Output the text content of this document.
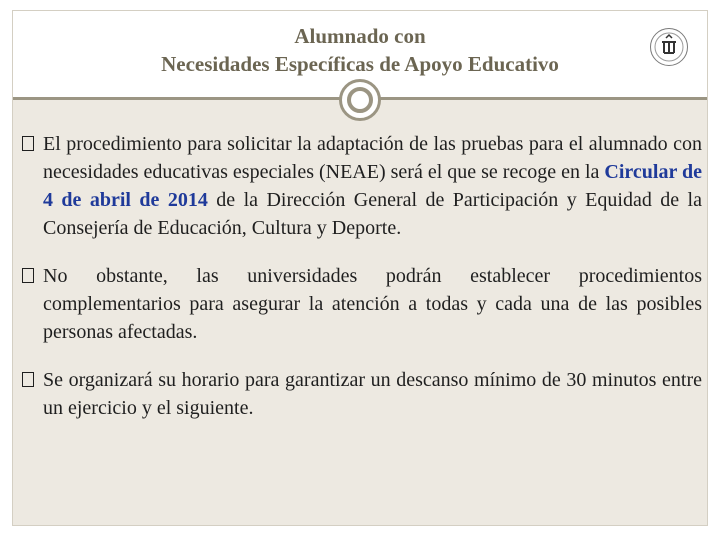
Alumnado con
Necesidades Específicas de Apoyo Educativo
El procedimiento para solicitar la adaptación de las pruebas para el alumnado con necesidades educativas especiales (NEAE) será el que se recoge en la Circular de 4 de abril de 2014 de la Dirección General de Participación y Equidad de la Consejería de Educación, Cultura y Deporte.
No obstante, las universidades podrán establecer procedimientos complementarios para asegurar la atención a todas y cada una de las posibles personas afectadas.
Se organizará su horario para garantizar un descanso mínimo de 30 minutos entre un ejercicio y el siguiente.
